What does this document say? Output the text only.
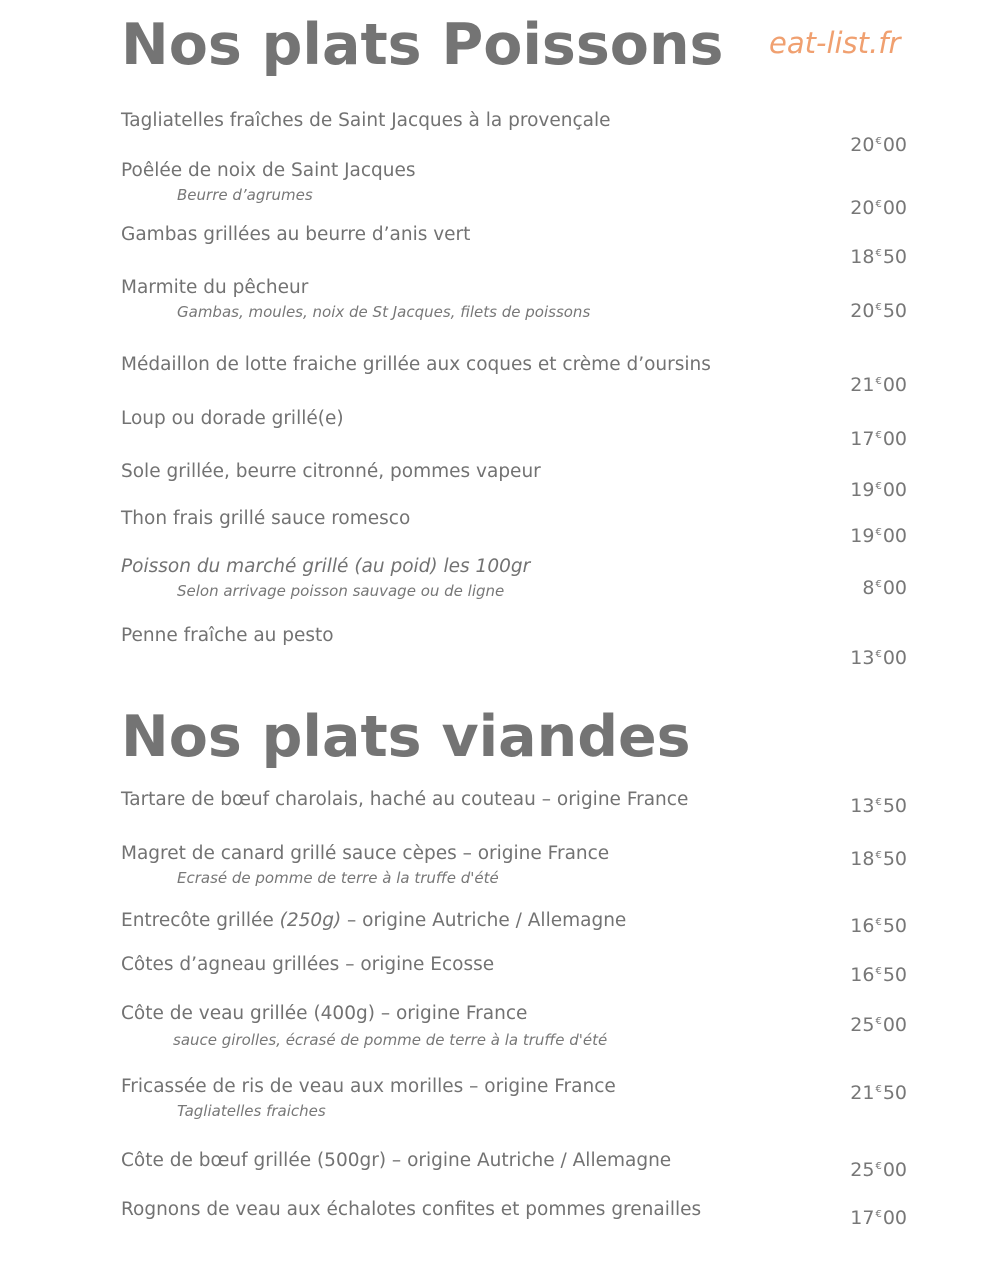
Nos plats Poissons eat-list.fr
Tagliatelles fraîches de Saint Jacques à la provençale
20€00
Poêlée de noix de Saint Jacques
Beurre d’agrumes
20€00
Gambas grillées au beurre d’anis vert
18€50
Marmite du pêcheur
Gambas, moules, noix de St Jacques, filets de poissons	20€50
Médaillon de lotte fraiche grillée aux coques et crème d’oursins
21€00
Loup ou dorade grillé(e)
17€00
Sole grillée, beurre citronné, pommes vapeur
19€00
Thon frais grillé sauce romesco
19€00
Poisson du marché grillé (au poid) les 100gr
Selon arrivage poisson sauvage ou de ligne	8€00
Penne fraîche au pesto
13€00
Nos plats viandes
Tartare de bœuf charolais, haché au couteau – origine France	13€50
Magret de canard grillé sauce cèpes – origine France
Ecrasé de pomme de terre à la truffe d'été
18€50
Entrecôte grillée (250g) – origine Autriche / Allemagne	16€50
Côtes d’agneau grillées – origine Ecosse	16€50
Côte de veau grillée (400g) – origine France
sauce girolles, écrasé de pomme de terre à la truffe d'été
25€00
Fricassée de ris de veau aux morilles – origine France
Tagliatelles fraiches
21€50
Côte de bœuf grillée (500gr) – origine Autriche / Allemagne	25€00
Rognons de veau aux échalotes confites et pommes grenailles	17€00
